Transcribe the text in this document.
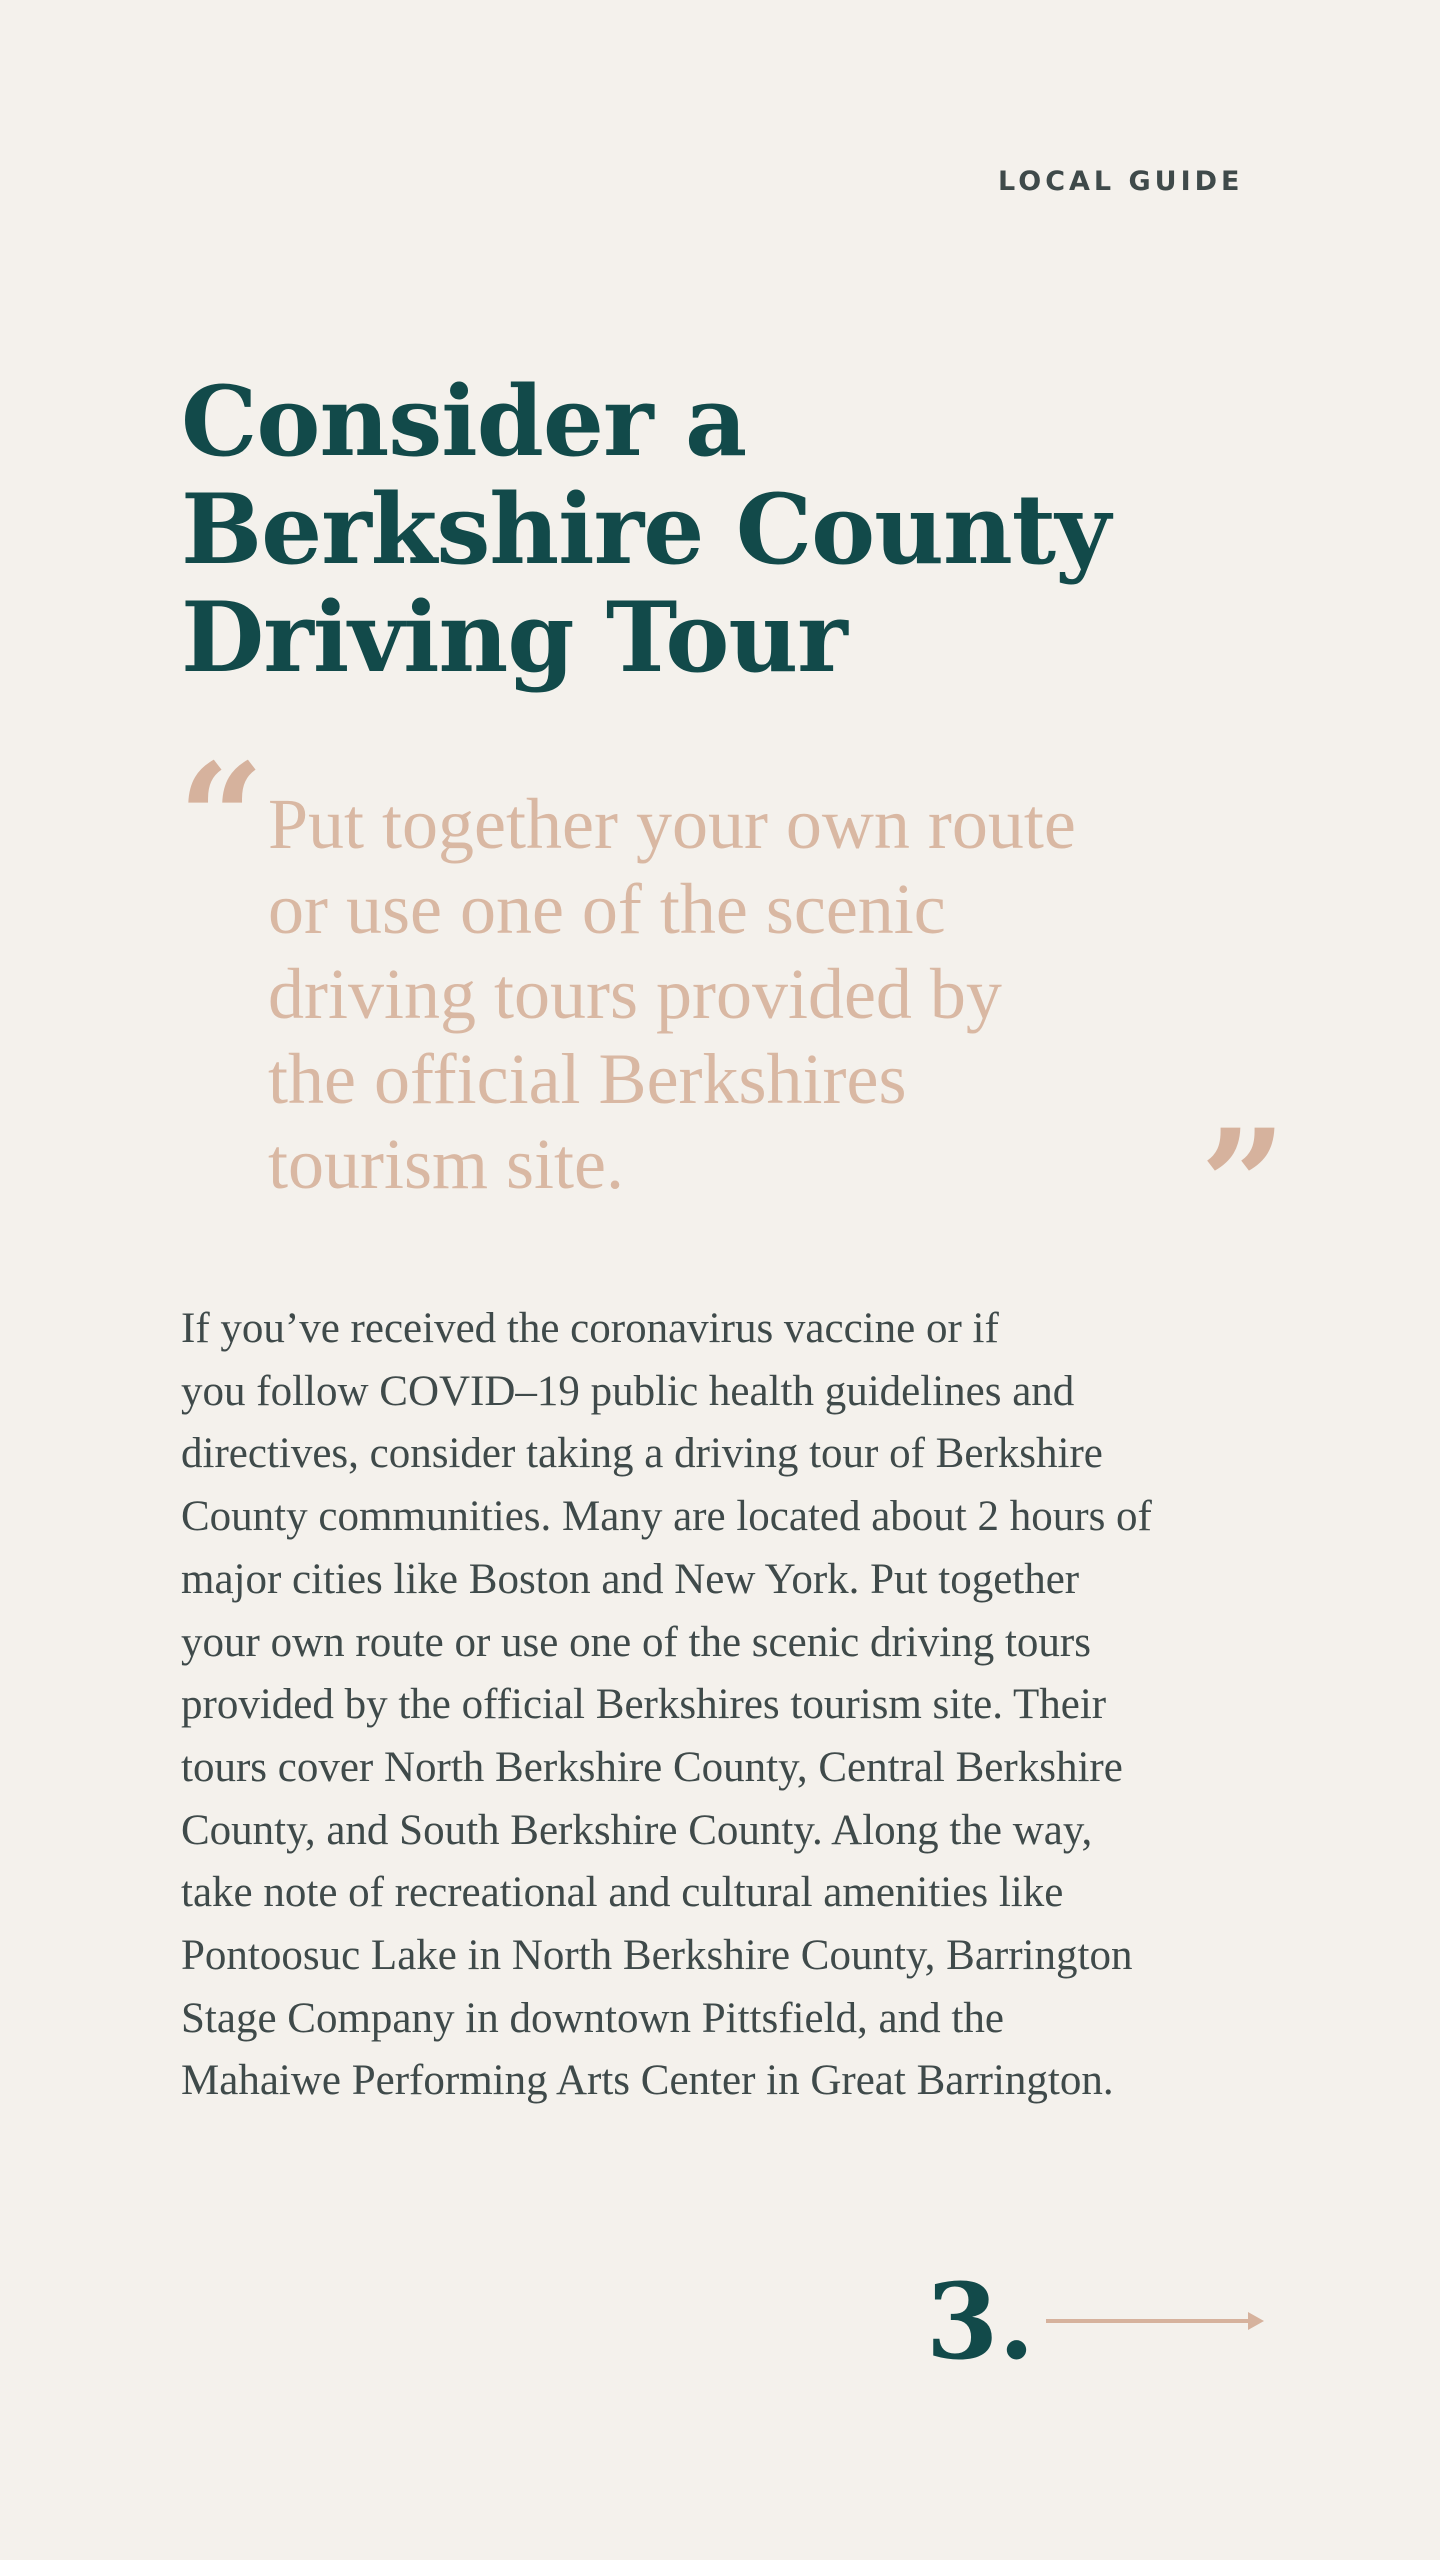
LOCAL GUIDE
Consider a
Berkshire County
Driving Tour
“ Put together your own route
or use one of the scenic
driving tours provided by
the official Berkshires
tourism site.	”

If you’ve received the coronavirus vaccine or if
you follow COVID–19 public health guidelines and
directives, consider taking a driving tour of Berkshire
County communities. Many are located about 2 hours of
major cities like Boston and New York. Put together
your own route or use one of the scenic driving tours
provided by the official Berkshires tourism site. Their
tours cover North Berkshire County, Central Berkshire
County, and South Berkshire County. Along the way,
take note of recreational and cultural amenities like
Pontoosuc Lake in North Berkshire County, Barrington
Stage Company in downtown Pittsfield, and the
Mahaiwe Performing Arts Center in Great Barrington.

3.
